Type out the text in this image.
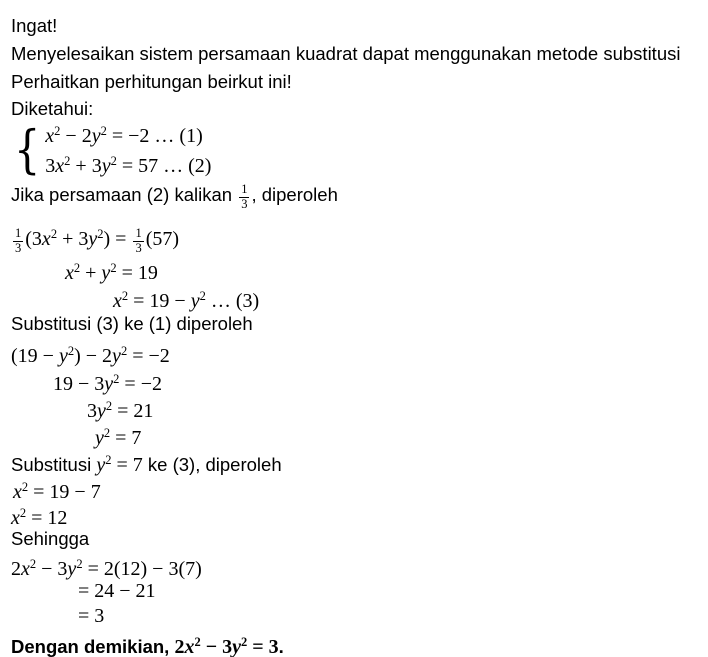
Ingat!
Menyelesaikan sistem persamaan kuadrat dapat menggunakan metode substitusi
Perhaitkan perhitungan beirkut ini!
Diketahui:
{ $x^2 - 2y^2 = -2$ … (1)
$3x^2 + 3y^2 = 57$ … (2)
Jika persamaan (2) kalikan $\frac{1}{3}$ , diperoleh
$\frac{1}{3} (3x^2 + 3y^2) = \frac{1}{3} (57)$
$x^2 + y^2 = 19$
$x^2 = 19 - y^2$ … (3)
Substitusi (3) ke (1) diperoleh
$(19 - y^2) - 2y^2 = -2$
$19 - 3y^2 = -2$
$3y^2 = 21$
$y^2 = 7$
Substitusi $y^2 = 7$ ke (3), diperoleh
$x^2 = 19 - 7$
$x^2 = 12$
Sehingga
$2x^2 - 3y^2 = 2(12) - 3(7)$
= 24 − 21
= 3
Dengan demikian, $2x^2 - 3y^2 = 3$.
